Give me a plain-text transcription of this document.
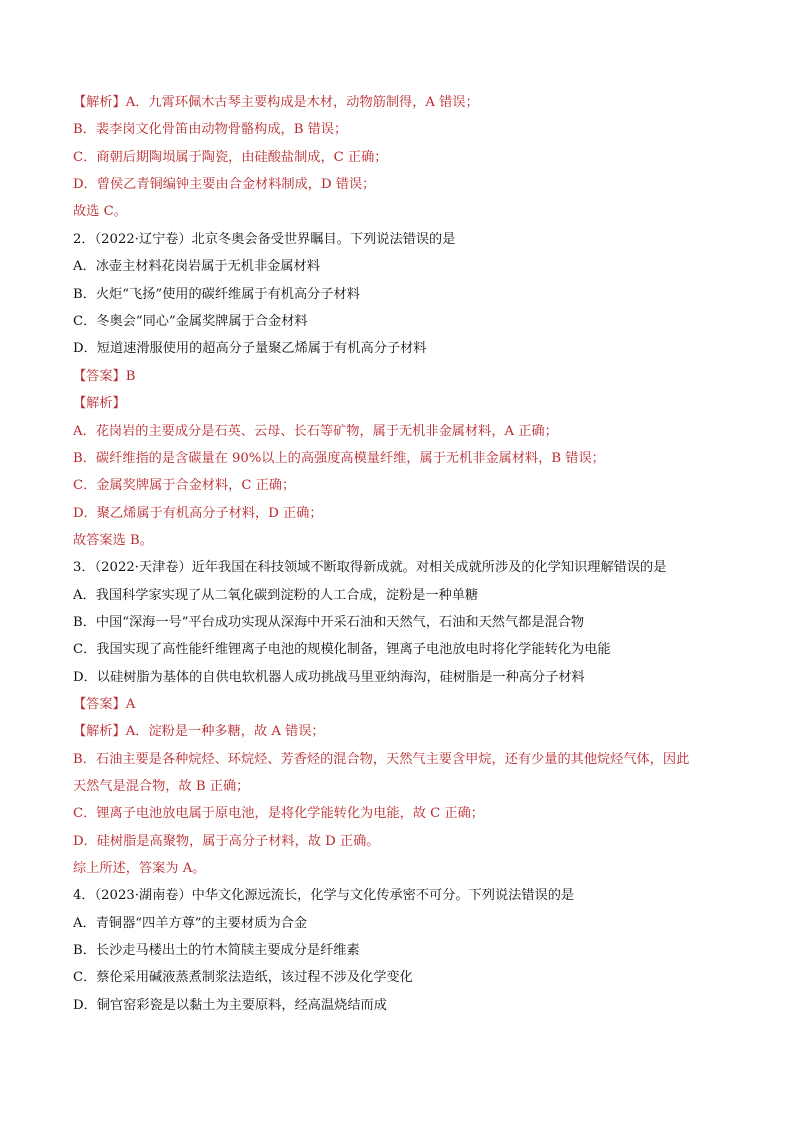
【解析】A．九霄环佩木古琴主要构成是木材，动物筋制得，A 错误；
B．裴李岗文化骨笛由动物骨骼构成，B 错误；
C．商朝后期陶埙属于陶瓷，由硅酸盐制成，C 正确；
D．曾侯乙青铜编钟主要由合金材料制成，D 错误；
故选 C。
2．（2022·辽宁卷）北京冬奥会备受世界瞩目。下列说法错误的是
A．冰壶主材料花岗岩属于无机非金属材料
B．火炬“飞扬”使用的碳纤维属于有机高分子材料
C．冬奥会“同心”金属奖牌属于合金材料
D．短道速滑服使用的超高分子量聚乙烯属于有机高分子材料
【答案】B
【解析】
A．花岗岩的主要成分是石英、云母、长石等矿物，属于无机非金属材料，A 正确；
B．碳纤维指的是含碳量在 90%以上的高强度高模量纤维，属于无机非金属材料，B 错误；
C．金属奖牌属于合金材料，C 正确；
D．聚乙烯属于有机高分子材料，D 正确；
故答案选 B。
3．（2022·天津卷）近年我国在科技领域不断取得新成就。对相关成就所涉及的化学知识理解错误的是
A．我国科学家实现了从二氧化碳到淀粉的人工合成，淀粉是一种单糖
B．中国“深海一号”平台成功实现从深海中开采石油和天然气，石油和天然气都是混合物
C．我国实现了高性能纤维锂离子电池的规模化制备，锂离子电池放电时将化学能转化为电能
D．以硅树脂为基体的自供电软机器人成功挑战马里亚纳海沟，硅树脂是一种高分子材料
【答案】A
【解析】A．淀粉是一种多糖，故 A 错误；
B．石油主要是各种烷烃、环烷烃、芳香烃的混合物，天然气主要含甲烷，还有少量的其他烷烃气体，因此
天然气是混合物，故 B 正确；
C．锂离子电池放电属于原电池，是将化学能转化为电能，故 C 正确；
D．硅树脂是高聚物，属于高分子材料，故 D 正确。
综上所述，答案为 A。
4．（2023·湖南卷）中华文化源远流长，化学与文化传承密不可分。下列说法错误的是
A．青铜器“四羊方尊”的主要材质为合金
B．长沙走马楼出土的竹木简牍主要成分是纤维素
C．蔡伦采用碱液蒸煮制浆法造纸，该过程不涉及化学变化
D．铜官窑彩瓷是以黏土为主要原料，经高温烧结而成
